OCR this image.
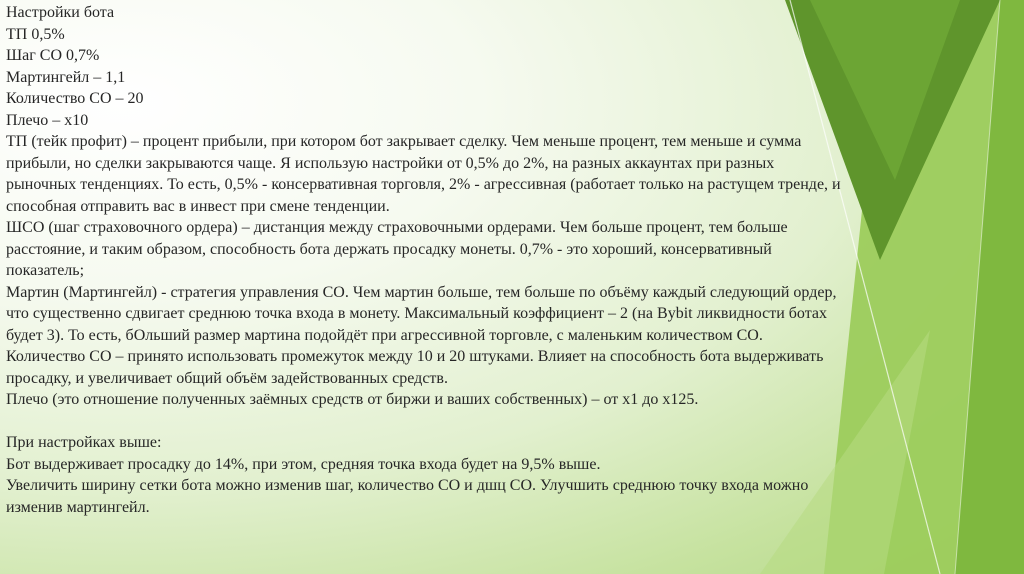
Настройки бота

ТП 0,5%

Шаг СО 0,7%

Мартингейл – 1,1

Количество СО – 20

Плечо – х10

ТП (тейк профит) – процент прибыли, при котором бот закрывает сделку. Чем меньше процент, тем меньше и сумма

прибыли, но сделки закрываются чаще. Я использую настройки от 0,5% до 2%, на разных аккаунтах при разных

рыночных тенденциях. То есть, 0,5% - консервативная торговля, 2% - агрессивная (работает только на растущем тренде, и

способная отправить вас в инвест при смене тенденции.

ШСО (шаг страховочного ордера) – дистанция между страховочными ордерами. Чем больше процент, тем больше

расстояние, и таким образом, способность бота держать просадку монеты. 0,7% - это хороший, консервативный

показатель;

Мартин (Мартингейл) - стратегия управления СО. Чем мартин больше, тем больше по объёму каждый следующий ордер,

что существенно сдвигает среднюю точка входа в монету. Максимальный коэффициент – 2 (на Bybit ликвидности ботах

будет 3). То есть, бОльший размер мартина подойдёт при агрессивной торговле, с маленьким количеством СО.

Количество СО – принято использовать промежуток между 10 и 20 штуками. Влияет на способность бота выдерживать

просадку, и увеличивает общий объём задействованных средств.

Плечо (это отношение полученных заёмных средств от биржи и ваших собственных) – от х1 до х125.

При настройках выше:

Бот выдерживает просадку до 14%, при этом, средняя точка входа будет на 9,5% выше.

Увеличить ширину сетки бота можно изменив шаг, количество СО и дшц СО. Улучшить среднюю точку входа можно

изменив мартингейл.
